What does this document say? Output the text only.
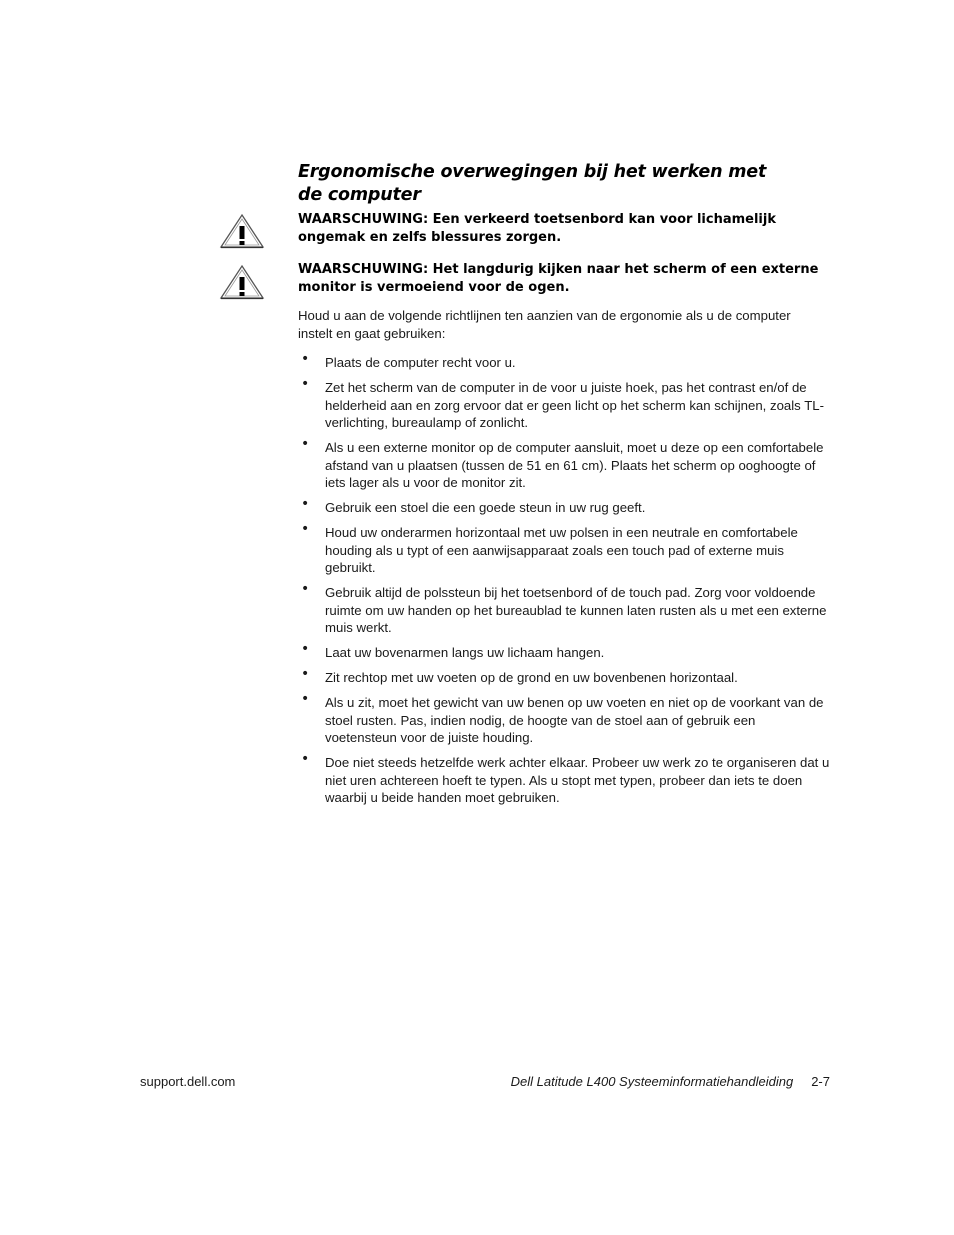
Ergonomische overwegingen bij het werken met de computer
WAARSCHUWING: Een verkeerd toetsenbord kan voor lichamelijk ongemak en zelfs blessures zorgen.
WAARSCHUWING: Het langdurig kijken naar het scherm of een externe monitor is vermoeiend voor de ogen.

Houd u aan de volgende richtlijnen ten aanzien van de ergonomie als u de computer instelt en gaat gebruiken:

• Plaats de computer recht voor u.
• Zet het scherm van de computer in de voor u juiste hoek, pas het contrast en/of de helderheid aan en zorg ervoor dat er geen licht op het scherm kan schijnen, zoals TL-verlichting, bureaulamp of zonlicht.
• Als u een externe monitor op de computer aansluit, moet u deze op een comfortabele afstand van u plaatsen (tussen de 51 en 61 cm). Plaats het scherm op ooghoogte of iets lager als u voor de monitor zit.
• Gebruik een stoel die een goede steun in uw rug geeft.
• Houd uw onderarmen horizontaal met uw polsen in een neutrale en comfortabele houding als u typt of een aanwijsapparaat zoals een touch pad of externe muis gebruikt.
• Gebruik altijd de polssteun bij het toetsenbord of de touch pad. Zorg voor voldoende ruimte om uw handen op het bureaublad te kunnen laten rusten als u met een externe muis werkt.
• Laat uw bovenarmen langs uw lichaam hangen.
• Zit rechtop met uw voeten op de grond en uw bovenbenen horizontaal.
• Als u zit, moet het gewicht van uw benen op uw voeten en niet op de voorkant van de stoel rusten. Pas, indien nodig, de hoogte van de stoel aan of gebruik een voetensteun voor de juiste houding.
• Doe niet steeds hetzelfde werk achter elkaar. Probeer uw werk zo te organiseren dat u niet uren achtereen hoeft te typen. Als u stopt met typen, probeer dan iets te doen waarbij u beide handen moet gebruiken.
support.dell.com	Dell Latitude L400 Systeeminformatiehandleiding 2-7
